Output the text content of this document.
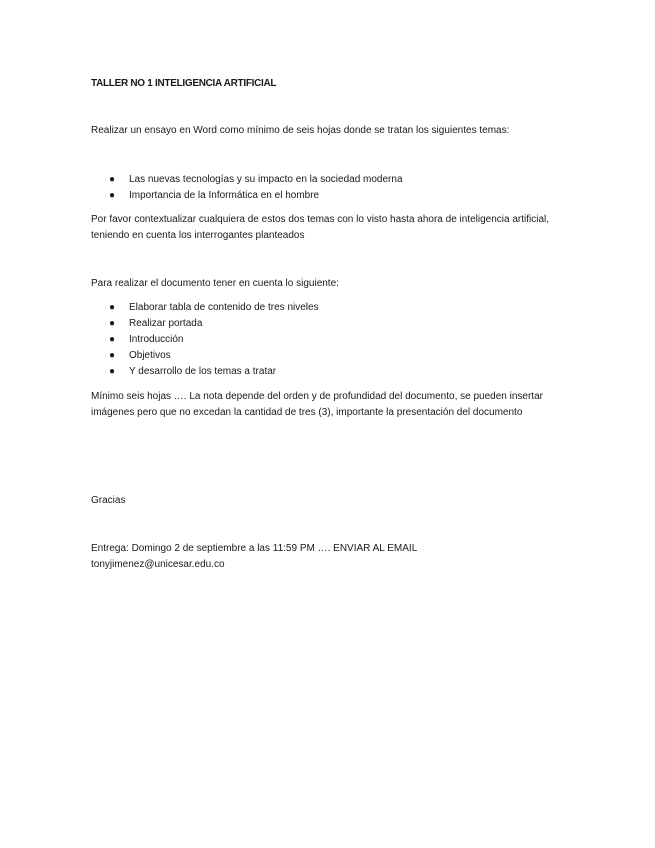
TALLER NO 1 INTELIGENCIA ARTIFICIAL

Realizar un ensayo en Word como mínimo de seis hojas donde se tratan los siguientes temas:

● Las nuevas tecnologías y su impacto en la sociedad moderna
● Importancia de la Informática en el hombre

Por favor contextualizar cualquiera de estos dos temas con lo visto hasta ahora de inteligencia artificial, teniendo en cuenta los interrogantes planteados

Para realizar el documento tener en cuenta lo siguiente:

● Elaborar tabla de contenido de tres niveles
● Realizar portada
● Introducción
● Objetivos
● Y desarrollo de los temas a tratar

Mínimo seis hojas …. La nota depende del orden y de profundidad del documento, se pueden insertar imágenes pero que no excedan la cantidad de tres (3), importante la presentación del documento

Gracias

Entrega: Domingo 2 de septiembre a las 11:59 PM …. ENVIAR AL EMAIL
tonyjimenez@unicesar.edu.co
